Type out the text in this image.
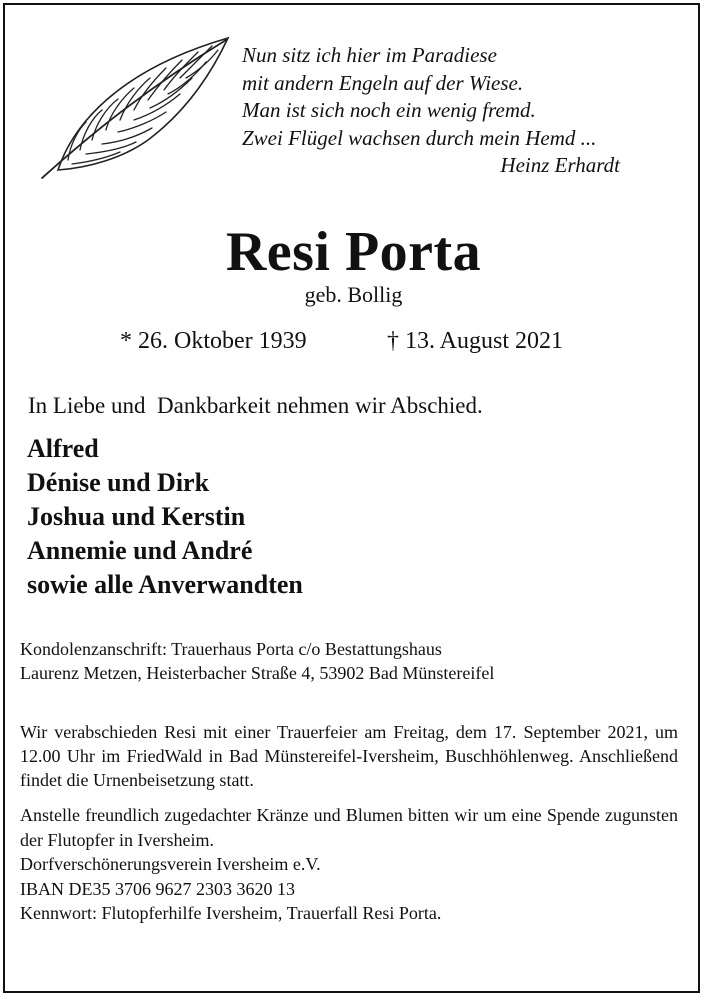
Nun sitz ich hier im Paradiese
mit andern Engeln auf der Wiese.
Man ist sich noch ein wenig fremd.
Zwei Flügel wachsen durch mein Hemd ...
Heinz Erhardt
Resi Porta
geb. Bollig
* 26. Oktober 1939	† 13. August 2021
In Liebe und  Dankbarkeit nehmen wir Abschied.
Alfred
Dénise und Dirk
Joshua und Kerstin
Annemie und André
sowie alle Anverwandten
Kondolenzanschrift: Trauerhaus Porta c/o Bestattungshaus
Laurenz Metzen, Heisterbacher Straße 4, 53902 Bad Münstereifel
Wir verabschieden Resi mit einer Trauerfeier am Freitag, dem 17. September 2021, um 12.00 Uhr im FriedWald in Bad Münstereifel-Iversheim, Buschhöhlenweg. Anschließend findet die Urnenbeisetzung statt.
Anstelle freundlich zugedachter Kränze und Blumen bitten wir um eine Spende zugunsten der Flutopfer in Iversheim.
Dorfverschönerungsverein Iversheim e.V.
IBAN DE35 3706 9627 2303 3620 13
Kennwort: Flutopferhilfe Iversheim, Trauerfall Resi Porta.
